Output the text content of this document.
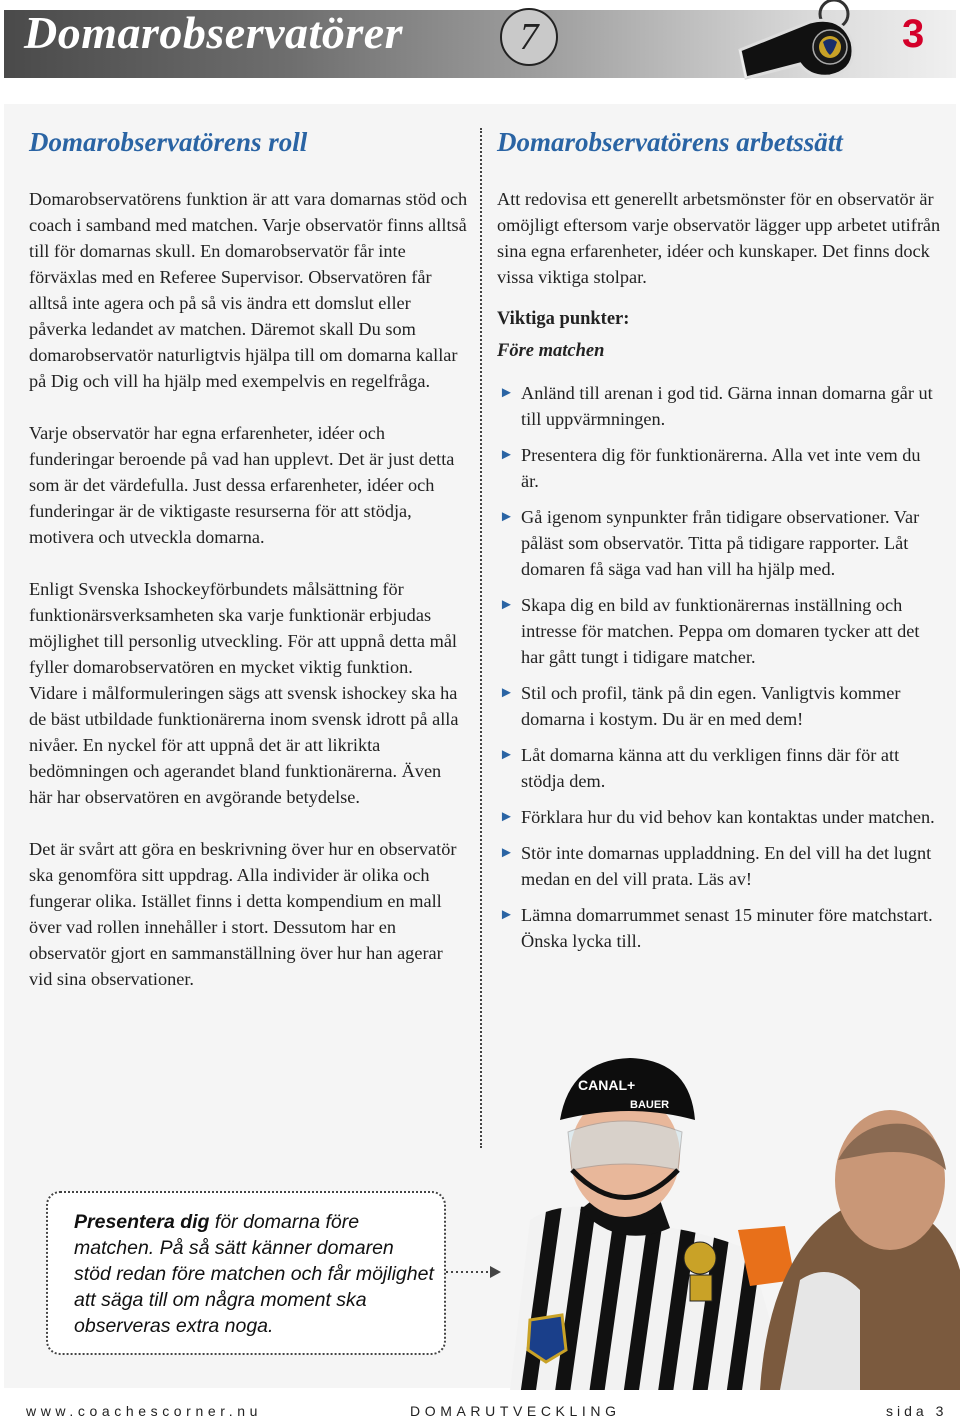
Domarobservatörer	7	3
Domarobservatörens roll	Domarobservatörens arbetssätt

Domarobservatörens funktion är att vara domarnas stöd och coach i samband med matchen. Varje observatör finns alltså till för domarnas skull. En domarobservatör får inte förväxlas med en Referee Supervisor. Observatören får alltså inte agera och på så vis ändra ett domslut eller påverka ledandet av matchen. Däremot skall Du som domarobservatör naturligtvis hjälpa till om domarna kallar på Dig och vill ha hjälp med exempelvis en regelfråga.

Varje observatör har egna erfarenheter, idéer och funderingar beroende på vad han upplevt. Det är just detta som är det värdefulla. Just dessa erfarenheter, idéer och funderingar är de viktigaste resurserna för att stödja, motivera och utveckla domarna.

Enligt Svenska Ishockeyförbundets målsättning för funktionärsverksamheten ska varje funktionär erbjudas möjlighet till personlig utveckling. För att uppnå detta mål fyller domarobservatören en mycket viktig funktion.

Vidare i målformuleringen sägs att svensk ishockey ska ha de bäst utbildade funktionärerna inom svensk idrott på alla nivåer. En nyckel för att uppnå det är att likrikta bedömningen och agerandet bland funktionärerna. Även här har observatören en avgörande betydelse.

Det är svårt att göra en beskrivning över hur en observatör ska genomföra sitt uppdrag. Alla individer är olika och fungerar olika. Istället finns i detta kompendium en mall över vad rollen innehåller i stort. Dessutom har en observatör gjort en sammanställning över hur han agerar vid sina observationer.

Att redovisa ett generellt arbetsmönster för en observatör är omöjligt eftersom varje observatör lägger upp arbetet utifrån sina egna erfarenheter, idéer och kunskaper. Det finns dock vissa viktiga stolpar.

Viktiga punkter:
Före matchen
► Anländ till arenan i god tid. Gärna innan domarna går ut till uppvärmningen.
► Presentera dig för funktionärerna. Alla vet inte vem du är.
► Gå igenom synpunkter från tidigare observationer. Var påläst som observatör. Titta på tidigare rapporter. Låt domaren få säga vad han vill ha hjälp med.
► Skapa dig en bild av funktionärernas inställning och intresse för matchen. Peppa om domaren tycker att det har gått tungt i tidigare matcher.
► Stil och profil, tänk på din egen. Vanligtvis kommer domarna i kostym. Du är en med dem!
► Låt domarna känna att du verkligen finns där för att stödja dem.
► Förklara hur du vid behov kan kontaktas under matchen.
► Stör inte domarnas uppladdning. En del vill ha det lugnt medan en del vill prata. Läs av!
► Lämna domarrummet senast 15 minuter före matchstart. Önska lycka till.
CANAL+
BAUER
Presentera dig för domarna före matchen. På så sätt känner domaren stöd redan före matchen och får möjlighet att säga till om några moment ska observeras extra noga.
www.coachescorner.nu	DOMARUTVECKLING	sida 3
